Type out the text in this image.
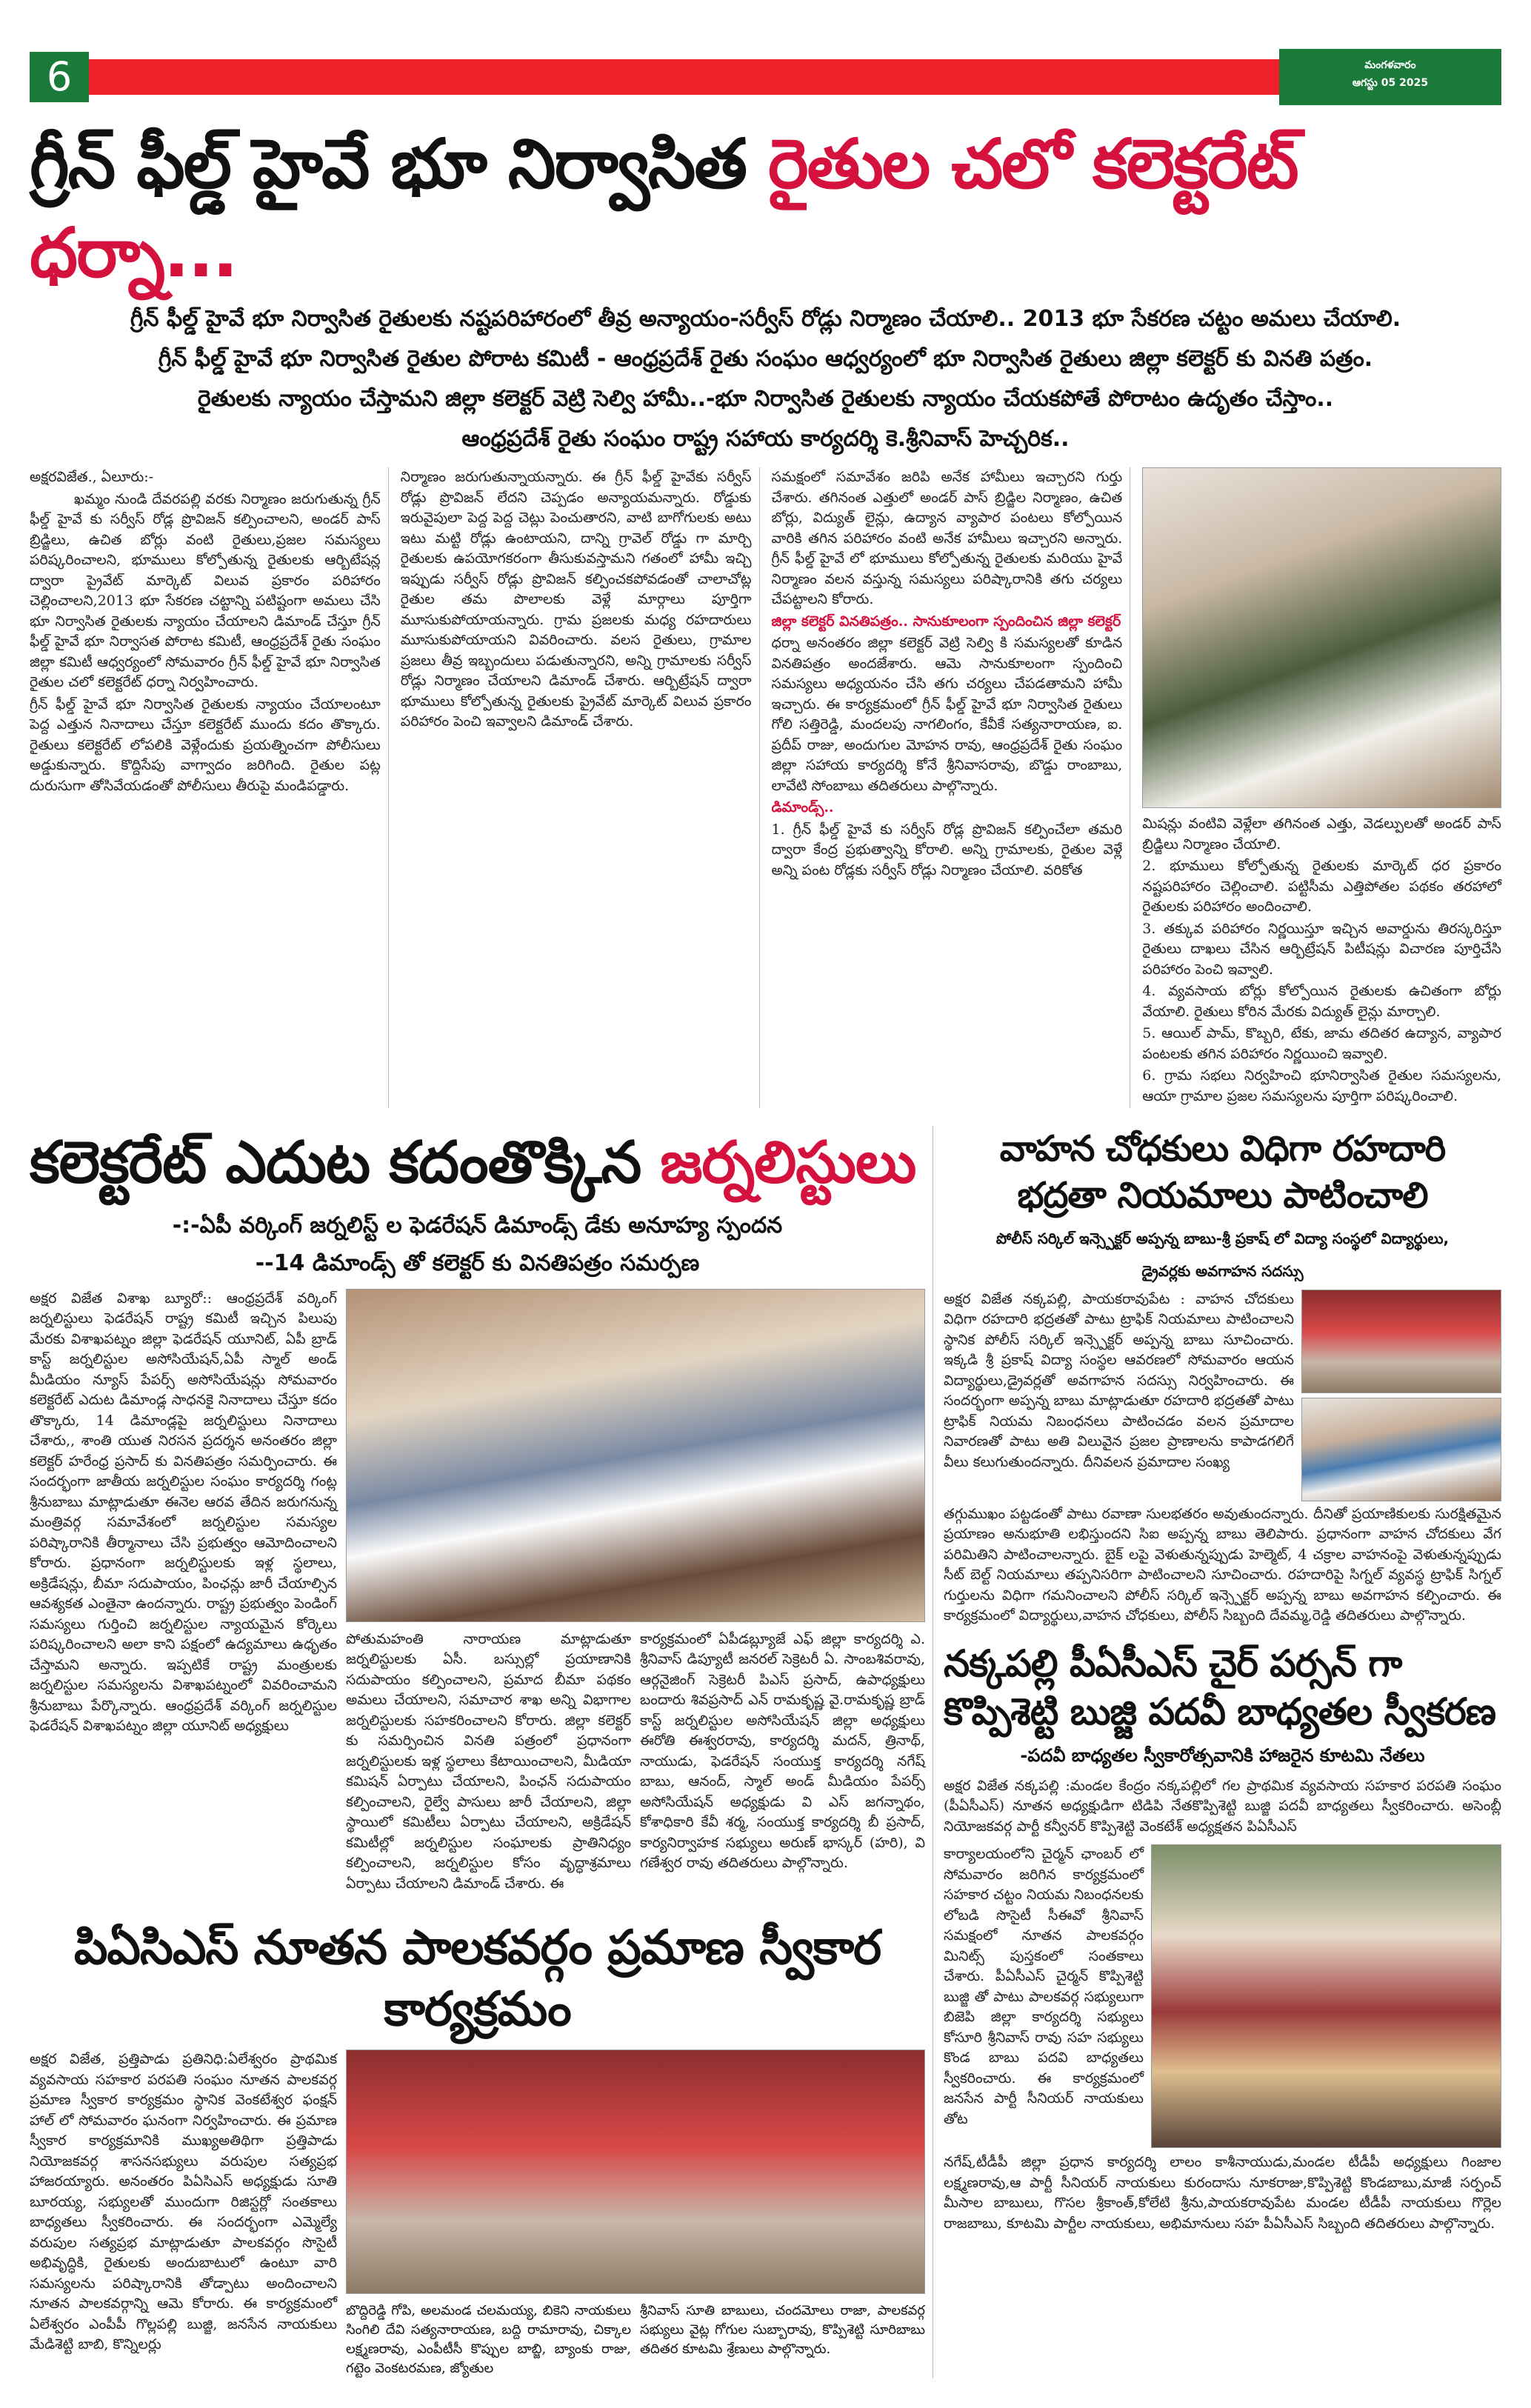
6	మంగళవారం
ఆగస్టు 05 2025
గ్రీన్ ఫీల్డ్ హైవే భూ నిర్వాసిత రైతుల చలో కలెక్టరేట్ ధర్నా...
గ్రీన్ ఫీల్డ్ హైవే భూ నిర్వాసిత రైతులకు నష్టపరిహారంలో తీవ్ర అన్యాయం-సర్వీస్ రోడ్లు నిర్మాణం చేయాలి.. 2013 భూ సేకరణ చట్టం అమలు చేయాలి.
గ్రీన్ ఫీల్డ్ హైవే భూ నిర్వాసిత రైతుల పోరాట కమిటీ - ఆంధ్రప్రదేశ్ రైతు సంఘం ఆధ్వర్యంలో భూ నిర్వాసిత రైతులు జిల్లా కలెక్టర్ కు వినతి పత్రం.
రైతులకు న్యాయం చేస్తామని జిల్లా కలెక్టర్ వెట్రి సెల్వి హామీ..-భూ నిర్వాసిత రైతులకు న్యాయం చేయకపోతే పోరాటం ఉదృతం చేస్తాం..
ఆంధ్రప్రదేశ్ రైతు సంఘం రాష్ట్ర సహాయ కార్యదర్శి కె.శ్రీనివాస్ హెచ్చరిక..

అక్షరవిజేత., ఏలూరు:-

ఖమ్మం నుండి దేవరపల్లి వరకు నిర్మాణం జరుగుతున్న గ్రీన్ ఫీల్డ్ హైవే కు సర్వీస్ రోడ్ల ప్రొవిజన్ కల్పించాలని, అండర్ పాస్ బ్రిడ్జిలు, ఉచిత బోర్లు వంటి రైతులు,ప్రజల సమస్యలు పరిష్కరించాలని, భూములు కోల్పోతున్న రైతులకు ఆర్బిటేషన్ల ద్వారా ప్రైవేట్ మార్కెట్ విలువ ప్రకారం పరిహారం చెల్లించాలని,2013 భూ సేకరణ చట్టాన్ని పటిష్టంగా అమలు చేసి భూ నిర్వాసిత రైతులకు న్యాయం చేయాలని డిమాండ్ చేస్తూ గ్రీన్ ఫీల్డ్ హైవే భూ నిర్వాసత పోరాట కమిటీ, ఆంధ్రప్రదేశ్ రైతు సంఘం జిల్లా కమిటీ ఆధ్వర్యంలో సోమవారం గ్రీన్ ఫీల్డ్ హైవే భూ నిర్వాసిత రైతుల చలో కలెక్టరేట్ ధర్నా నిర్వహించారు.

గ్రీన్ ఫీల్డ్ హైవే భూ నిర్వాసిత రైతులకు న్యాయం చేయాలంటూ పెద్ద ఎత్తున నినాదాలు చేస్తూ కలెక్టరేట్ ముందు కదం తొక్కారు. రైతులు కలెక్టరేట్ లోపలికి వెళ్లేందుకు ప్రయత్నించగా పోలీసులు అడ్డుకున్నారు. కొద్దిసేపు వాగ్వాదం జరిగింది. రైతుల పట్ల దురుసుగా తోసివేయడంతో పోలీసులు తీరుపై మండిపడ్డారు.

నిర్మాణం జరుగుతున్నాయన్నారు. ఈ గ్రీన్ ఫీల్డ్ హైవేకు సర్వీస్ రోడ్లు ప్రొవిజన్ లేదని చెప్పడం అన్యాయమన్నారు. రోడ్డుకు ఇరువైపులా పెద్ద పెద్ద చెట్లు పెంచుతారని, వాటి బాగోగులకు అటు ఇటు మట్టి రోడ్లు ఉంటాయని, దాన్ని గ్రావెల్ రోడ్డు గా మార్చి రైతులకు ఉపయోగకరంగా తీసుకువస్తామని గతంలో హామీ ఇచ్చి ఇప్పుడు సర్వీస్ రోడ్లు ప్రొవిజన్ కల్పించకపోవడంతో చాలాచోట్ల రైతుల తమ పొలాలకు వెళ్లే మార్గాలు పూర్తిగా మూసుకుపోయాయన్నారు. గ్రామ ప్రజలకు మధ్య రహదారులు మూసుకుపోయాయని వివరించారు. వలస రైతులు, గ్రామాల ప్రజలు తీవ్ర ఇబ్బందులు పడుతున్నారని, అన్ని గ్రామాలకు సర్వీస్ రోడ్లు నిర్మాణం చేయాలని డిమాండ్ చేశారు. ఆర్బిట్రేషన్ ద్వారా భూములు కోల్పోతున్న రైతులకు ప్రైవేట్ మార్కెట్ విలువ ప్రకారం పరిహారం పెంచి ఇవ్వాలని డిమాండ్ చేశారు.

సమక్షంలో సమావేశం జరిపి అనేక హామీలు ఇచ్చారని గుర్తు చేశారు. తగినంత ఎత్తులో అండర్ పాస్ బ్రిడ్జిల నిర్మాణం, ఉచిత బోర్లు, విద్యుత్ లైన్లు, ఉద్యాన వ్యాపార పంటలు కోల్పోయిన వారికి తగిన పరిహారం వంటి అనేక హామీలు ఇచ్చారని అన్నారు. గ్రీన్ ఫీల్డ్ హైవే లో భూములు కోల్పోతున్న రైతులకు మరియు హైవే నిర్మాణం వలన వస్తున్న సమస్యలు పరిష్కారానికి తగు చర్యలు చేపట్టాలని కోరారు.

జిల్లా కలెక్టర్ వినతిపత్రం.. సానుకూలంగా స్పందించిన జిల్లా కలెక్టర్

ధర్నా అనంతరం జిల్లా కలెక్టర్ వెట్రి సెల్వి కి సమస్యలతో కూడిన వినతిపత్రం అందజేశారు. ఆమె సానుకూలంగా స్పందించి సమస్యలు అధ్యయనం చేసి తగు చర్యలు చేపడతామని హామీ ఇచ్చారు. ఈ కార్యక్రమంలో గ్రీన్ ఫీల్డ్ హైవే భూ నిర్వాసిత రైతులు గోలి సత్తిరెడ్డి, మందలపు నాగలింగం, కేవీకే సత్యనారాయణ, ఐ. ప్రదీప్ రాజు, అందుగుల మోహన రావు, ఆంధ్రప్రదేశ్ రైతు సంఘం జిల్లా సహాయ కార్యదర్శి కోనే శ్రీనివాసరావు, బొడ్డు రాంబాబు, లావేటి సోంబాబు తదితరులు పాల్గొన్నారు.

డిమాండ్స్..

1. గ్రీన్ ఫీల్డ్ హైవే కు సర్వీస్ రోడ్ల ప్రొవిజన్ కల్పించేలా తమరి ద్వారా కేంద్ర ప్రభుత్వాన్ని కోరాలి. అన్ని గ్రామాలకు, రైతుల వెళ్లే అన్ని పంట రోడ్లకు సర్వీస్ రోడ్లు నిర్మాణం చేయాలి. వరికోత

మిషన్లు వంటివి వెళ్లేలా తగినంత ఎత్తు, వెడల్పులతో అండర్ పాస్ బ్రిడ్జిలు నిర్మాణం చేయాలి.

2. భూములు కోల్పోతున్న రైతులకు మార్కెట్ ధర ప్రకారం నష్టపరిహారం చెల్లించాలి. పట్టిసీమ ఎత్తిపోతల పథకం తరహాలో రైతులకు పరిహారం అందించాలి.

3. తక్కువ పరిహారం నిర్ణయిస్తూ ఇచ్చిన అవార్డును తిరస్కరిస్తూ రైతులు దాఖలు చేసిన ఆర్బిట్రేషన్ పిటీషన్లు విచారణ పూర్తిచేసి పరిహారం పెంచి ఇవ్వాలి.

4. వ్యవసాయ బోర్లు కోల్పోయిన రైతులకు ఉచితంగా బోర్లు వేయాలి. రైతులు కోరిన మేరకు విద్యుత్ లైన్లు మార్చాలి.

5. ఆయిల్ పామ్, కొబ్బరి, టేకు, జామ తదితర ఉద్యాన, వ్యాపార పంటలకు తగిన పరిహారం నిర్ణయించి ఇవ్వాలి.

6. గ్రామ సభలు నిర్వహించి భూనిర్వాసిత రైతుల సమస్యలను, ఆయా గ్రామాల ప్రజల సమస్యలను పూర్తిగా పరిష్కరించాలి.

కలెక్టరేట్ ఎదుట కదంతొక్కిన జర్నలిస్టులు
-:-ఏపీ వర్కింగ్ జర్నలిస్ట్ ల ఫెడరేషన్ డిమాండ్స్ డేకు అనూహ్య స్పందన
--14 డిమాండ్స్ తో కలెక్టర్ కు వినతిపత్రం సమర్పణ

అక్షర విజేత విశాఖ బ్యూరో:: ఆంధ్రప్రదేశ్ వర్కింగ్ జర్నలిస్టులు ఫెడరేషన్ రాష్ట్ర కమిటీ ఇచ్చిన పిలుపు మేరకు విశాఖపట్నం జిల్లా ఫెడరేషన్ యూనిట్, ఏపీ బ్రాడ్ కాస్ట్ జర్నలిస్టుల అసోసియేషన్,ఏపీ స్మాల్ అండ్ మీడియం న్యూస్ పేపర్స్ అసోసియేషన్లు సోమవారం కలెక్టరేట్ ఎదుట డిమాండ్ల సాధనకై నినాదాలు చేస్తూ కదం తొక్కారు, 14 డిమాండ్లపై జర్నలిస్టులు నినాదాలు చేశారు,, శాంతి యుత నిరసన ప్రదర్శన అనంతరం జిల్లా కలెక్టర్ హరేంధ్ర ప్రసాద్ కు వినతిపత్రం సమర్పించారు. ఈ సందర్భంగా జాతీయ జర్నలిస్టుల సంఘం కార్యదర్శి గంట్ల శ్రీనుబాబు మాట్లాడుతూ ఈనెల ఆరవ తేదిన జరుగనున్న మంత్రివర్గ సమావేశంలో జర్నలిస్టుల సమస్యల పరిష్కారానికి తీర్మానాలు చేసి ప్రభుత్వం ఆమోదించాలని కోరారు. ప్రధానంగా జర్నలిస్టులకు ఇళ్ల స్థలాలు, అక్రిడేషన్లు, బీమా సదుపాయం, పింఛన్లు జారీ చేయాల్సిన ఆవశ్యకత ఎంతైనా ఉందన్నారు. రాష్ట్ర ప్రభుత్వం పెండింగ్ సమస్యలు గుర్తించి జర్నలిస్టుల న్యాయమైన కోర్కెలు పరిష్కరించాలని అలా కాని పక్షంలో ఉద్యమాలు ఉధృతం చేస్తామని అన్నారు. ఇప్పటికే రాష్ట్ర మంత్రులకు జర్నలిస్టుల సమస్యలను విశాఖపట్నంలో వివరించామని శ్రీనుబాబు పేర్కొన్నారు. ఆంధ్రప్రదేశ్ వర్కింగ్ జర్నలిస్టుల ఫెడరేషన్ విశాఖపట్నం జిల్లా యూనిట్ అధ్యక్షులు

పోతుమహంతి నారాయణ మాట్లాడుతూ జర్నలిస్టులకు ఏసీ. బస్సుల్లో ప్రయాణానికి సదుపాయం కల్పించాలని, ప్రమాద బీమా పథకం అమలు చేయాలని, సమాచార శాఖ అన్ని విభాగాల జర్నలిస్టులకు సహకరించాలని కోరారు. జిల్లా కలెక్టర్ కు సమర్పించిన వినతి పత్రంలో ప్రధానంగా జర్నలిస్టులకు ఇళ్ల స్థలాలు కేటాయించాలని, మీడియా కమిషన్ ఏర్పాటు చేయాలని, పింఛన్ సదుపాయం కల్పించాలని, రైల్వే పాసులు జారీ చేయాలని, జిల్లా స్థాయిలో కమిటీలు ఏర్పాటు చేయాలని, అక్రిడేషన్ కమిటీల్లో జర్నలిస్టుల సంఘాలకు ప్రాతినిధ్యం కల్పించాలని, జర్నలిస్టుల కోసం వృద్ధాశ్రమాలు ఏర్పాటు చేయాలని డిమాండ్ చేశారు. ఈ

కార్యక్రమంలో ఏపీడబ్ల్యూజే ఎఫ్ జిల్లా కార్యదర్శి ఎ. శ్రీనివాస్ డిప్యూటీ జనరల్ సెక్రెటరీ ఏ. సాంబశివరావు, ఆర్గనైజింగ్ సెక్రెటరీ పిఎస్ ప్రసాద్, ఉపాధ్యక్షులు బందారు శివప్రసాద్ ఎన్ రామకృష్ణ వై.రామకృష్ణ బ్రాడ్ కాస్ట్ జర్నలిస్టుల అసోసియేషన్ జిల్లా అధ్యక్షులు ఈరోతి ఈశ్వరరావు, కార్యదర్శి మదన్, త్రినాథ్, నాయుడు, ఫెడరేషన్ సంయుక్త కార్యదర్శి నగేష్ బాబు, ఆనంద్, స్మాల్ అండ్ మీడియం పేపర్స్ అసోసియేషన్ అధ్యక్షుడు వి ఎస్ జగన్నాథం, కోశాధికారి కేవీ శర్మ, సంయుక్త కార్యదర్శి బీ ప్రసాద్, కార్యనిర్వాహక సభ్యులు అరుణ్ భాస్కర్ (హరి), వి గణేశ్వర రావు తదితరులు పాల్గొన్నారు.

పిఏసిఎస్ నూతన పాలకవర్గం ప్రమాణ స్వీకార కార్యక్రమం

అక్షర విజేత, ప్రత్తిపాడు ప్రతినిధి:ఏలేశ్వరం ప్రాథమిక వ్యవసాయ సహకార పరపతి సంఘం నూతన పాలకవర్గ ప్రమాణ స్వీకార కార్యక్రమం స్థానిక వెంకటేశ్వర ఫంక్షన్ హాల్ లో సోమవారం ఘనంగా నిర్వహించారు. ఈ ప్రమాణ స్వీకార కార్యక్రమానికి ముఖ్యఅతిథిగా ప్రత్తిపాడు నియోజకవర్గ శాసనసభ్యులు వరుపుల సత్యప్రభ హాజరయ్యారు. అనంతరం పిఏసిఎస్ అధ్యక్షుడు సూతి బూరయ్య, సభ్యులతో ముందుగా రిజిస్టర్లో సంతకాలు బాధ్యతలు స్వీకరించారు. ఈ సందర్భంగా ఎమ్మెల్యే వరుపుల సత్యప్రభ మాట్లాడుతూ పాలకవర్గం సొసైటీ అభివృద్ధికి, రైతులకు అందుబాటులో ఉంటూ వారి సమస్యలను పరిష్కారానికి తోడ్పాటు అందించాలని నూతన పాలకవర్గాన్ని ఆమె కోరారు. ఈ కార్యక్రమంలో ఏలేశ్వరం ఎంపీపీ గొల్లపల్లి బుజ్జి, జనసేన నాయకులు మేడిశెట్టి బాబి, కొన్నిలర్లు

బొద్దిరెడ్డి గోపి, అలమండ చలమయ్య, బికెని నాయకులు సింగిలి దేవి సత్యనారాయణ, బద్ది రామారావు, చిక్కాల లక్ష్మణరావు, ఎంపీటీసీ కొప్పుల బాబ్జి, బ్యాంకు రాజు, గట్టెం వెంకటరమణ, జ్యోతుల
శ్రీనివాస్ సూతి బాబులు, చందమోలు రాజా, పాలకవర్గ సభ్యులు వైట్ల గోగుల సుబ్బారావు, కొప్పిశెట్టి సూరిబాబు తదితర కూటమి శ్రేణులు పాల్గొన్నారు.
వాహన చోధకులు విధిగా రహదారి
భద్రతా నియమాలు పాటించాలి
పోలీస్ సర్కిల్ ఇన్స్పెక్టర్ అప్పన్న బాబు-శ్రీ ప్రకాష్ లో విద్యా సంస్థలో విద్యార్థులు,
డ్రైవర్లకు అవగాహన సదస్సు

అక్షర విజేత నక్కపల్లి, పాయకరావుపేట : వాహన చోదకులు విధిగా రహదారి భద్రతతో పాటు ట్రాఫిక్ నియమాలు పాటించాలని స్థానిక పోలీస్ సర్కిల్ ఇన్స్పెక్టర్ అప్పన్న బాబు సూచించారు. ఇక్కడి శ్రీ ప్రకాష్ విద్యా సంస్థల ఆవరణలో సోమవారం ఆయన విద్యార్థులు,డ్రైవర్లతో అవగాహన సదస్సు నిర్వహించారు. ఈ సందర్భంగా అప్పన్న బాబు మాట్లాడుతూ రహదారి భద్రతతో పాటు ట్రాఫిక్ నియమ నిబంధనలు పాటించడం వలన ప్రమాదాల నివారణతో పాటు అతి విలువైన ప్రజల ప్రాణాలను కాపాడగలిగే వీలు కలుగుతుందన్నారు. దీనివలన ప్రమాదాల సంఖ్య

తగ్గుముఖం పట్టడంతో పాటు రవాణా సులభతరం అవుతుందన్నారు. దీనితో ప్రయాణికులకు సురక్షితమైన ప్రయాణం అనుభూతి లభిస్తుందని సిఐ అప్పన్న బాబు తెలిపారు. ప్రధానంగా వాహన చోదకులు వేగ పరిమితిని పాటించాలన్నారు. బైక్ లపై వెళుతున్నప్పుడు హెల్మెట్, 4 చక్రాల వాహనంపై వెళుతున్నప్పుడు సీట్ బెల్ట్ నియమాలు తప్పనిసరిగా పాటించాలని సూచించారు. రహదారిపై సిగ్నల్ వ్యవస్థ ట్రాఫిక్ సిగ్నల్ గుర్తులను విధిగా గమనించాలని పోలీస్ సర్కిల్ ఇన్స్పెక్టర్ అప్పన్న బాబు అవగాహన కల్పించారు. ఈ కార్యక్రమంలో విద్యార్థులు,వాహన చోధకులు, పోలీస్ సిబ్బంది దేవమ్మ,రెడ్డి తదితరులు పాల్గొన్నారు.

నక్కపల్లి పీఏసీఎస్ చైర్ పర్సన్ గా
కొప్పిశెట్టి బుజ్జి పదవీ బాధ్యతల స్వీకరణ
-పదవీ బాధ్యతల స్వీకారోత్సవానికి హాజరైన కూటమి నేతలు

అక్షర విజేత నక్కపల్లి :మండల కేంద్రం నక్కపల్లిలో గల ప్రాథమిక వ్యవసాయ సహకార పరపతి సంఘం (పీఏసీఎస్) నూతన అధ్యక్షుడిగా టిడిపి నేతకొప్పిశెట్టి బుజ్జి పదవీ బాధ్యతలు స్వీకరించారు. అసెంబ్లీ నియోజకవర్గ పార్టీ కన్వీనర్ కొప్పిశెట్టి వెంకటేశ్ అధ్యక్షతన పిఏసీఎస్

కార్యాలయంలోని చైర్మన్ ఛాంబర్ లో సోమవారం జరిగిన కార్యక్రమంలో సహకార చట్టం నియమ నిబంధనలకు లోబడి సొసైటీ సీఈవో శ్రీనివాస్ సమక్షంలో నూతన పాలకవర్గం మినిట్స్ పుస్తకంలో సంతకాలు చేశారు. పీఏసీఎస్ చైర్మన్ కొప్పిశెట్టి బుజ్జి తో పాటు పాలకవర్గ సభ్యులుగా బిజెపి జిల్లా కార్యదర్శి సభ్యులు కోసూరి శ్రీనివాస్ రావు సహ సభ్యులు కొండ బాబు పదవి బాధ్యతలు స్వీకరించారు. ఈ కార్యక్రమంలో జనసేన పార్టీ సీనియర్ నాయకులు తోట

నగేష్,టీడీపీ జిల్లా ప్రధాన కార్యదర్శి లాలం కాశీనాయుడు,మండల టీడీపీ అధ్యక్షులు గింజాల లక్ష్మణరావు,ఆ పార్టీ సీనియర్ నాయకులు కురందాసు నూకరాజు,కొప్పిశెట్టి కొండబాబు,మాజీ సర్పంచ్ మీసాల బాబులు, గొసల శ్రీకాంత్,కోలేటి శ్రీను,పాయకరావుపేట మండల టీడీపీ నాయకులు గొర్లెల రాజబాబు, కూటమి పార్టీల నాయకులు, అభిమానులు సహ పీఏసీఎస్ సిబ్బంది తదితరులు పాల్గొన్నారు.
